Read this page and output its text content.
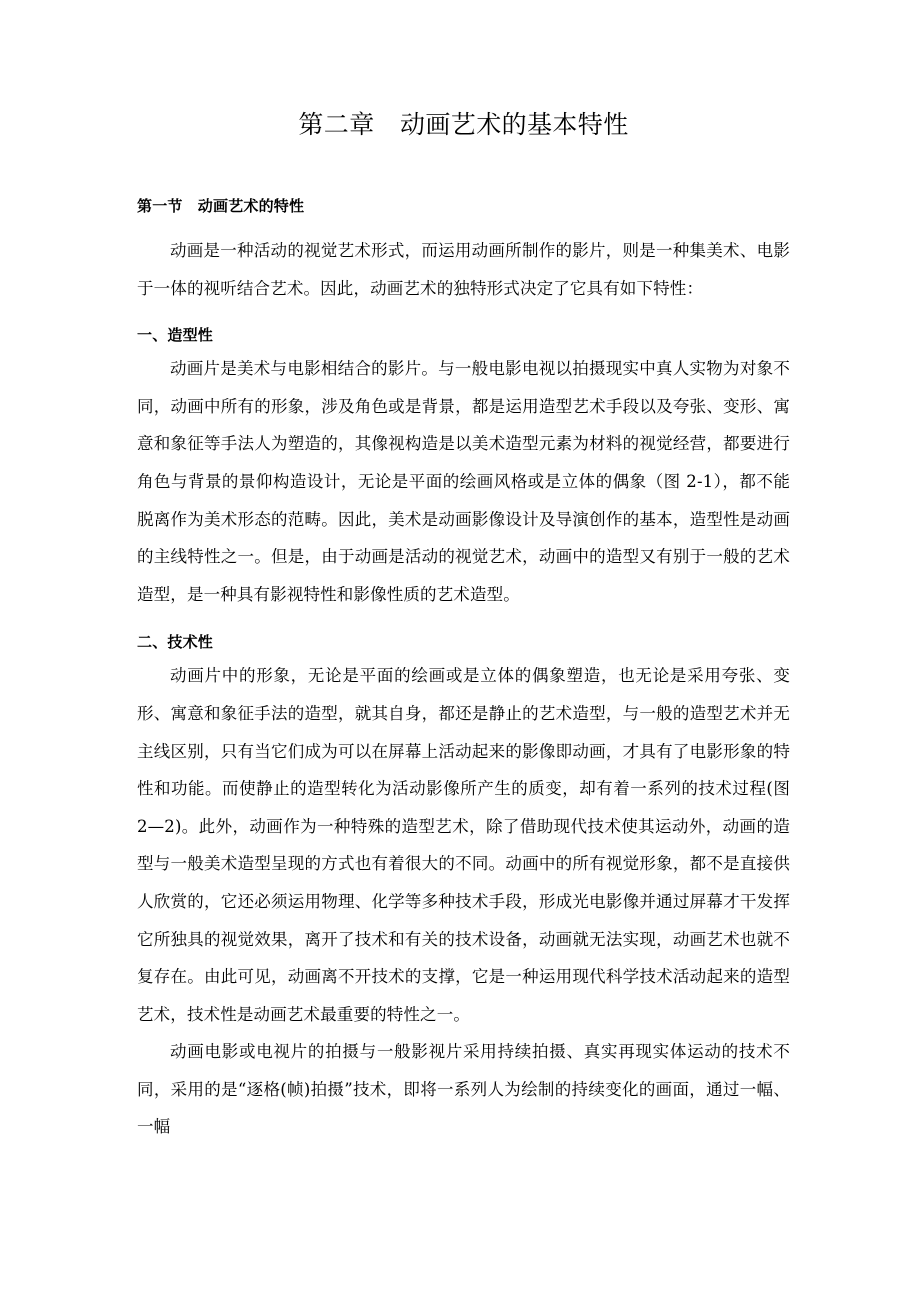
第二章　动画艺术的基本特性
第一节　动画艺术的特性

动画是一种活动的视觉艺术形式，而运用动画所制作的影片，则是一种集美术、电影于一体的视听结合艺术。因此，动画艺术的独特形式决定了它具有如下特性：

一、造型性

动画片是美术与电影相结合的影片。与一般电影电视以拍摄现实中真人实物为对象不同，动画中所有的形象，涉及角色或是背景，都是运用造型艺术手段以及夸张、变形、寓意和象征等手法人为塑造的，其像视构造是以美术造型元素为材料的视觉经营，都要进行角色与背景的景仰构造设计，无论是平面的绘画风格或是立体的偶象（图 2-1），都不能脱离作为美术形态的范畴。因此，美术是动画影像设计及导演创作的基本，造型性是动画的主线特性之一。但是，由于动画是活动的视觉艺术，动画中的造型又有别于一般的艺术造型，是一种具有影视特性和影像性质的艺术造型。

二、技术性

动画片中的形象，无论是平面的绘画或是立体的偶象塑造，也无论是采用夸张、变形、寓意和象征手法的造型，就其自身，都还是静止的艺术造型，与一般的造型艺术并无主线区别，只有当它们成为可以在屏幕上活动起来的影像即动画，才具有了电影形象的特性和功能。而使静止的造型转化为活动影像所产生的质变，却有着一系列的技术过程(图 2—2)。此外，动画作为一种特殊的造型艺术，除了借助现代技术使其运动外，动画的造型与一般美术造型呈现的方式也有着很大的不同。动画中的所有视觉形象，都不是直接供人欣赏的，它还必须运用物理、化学等多种技术手段，形成光电影像并通过屏幕才干发挥它所独具的视觉效果，离开了技术和有关的技术设备，动画就无法实现，动画艺术也就不复存在。由此可见，动画离不开技术的支撑，它是一种运用现代科学技术活动起来的造型艺术，技术性是动画艺术最重要的特性之一。

动画电影或电视片的拍摄与一般影视片采用持续拍摄、真实再现实体运动的技术不同，采用的是“逐格(帧)拍摄”技术，即将一系列人为绘制的持续变化的画面，通过一幅、一幅
